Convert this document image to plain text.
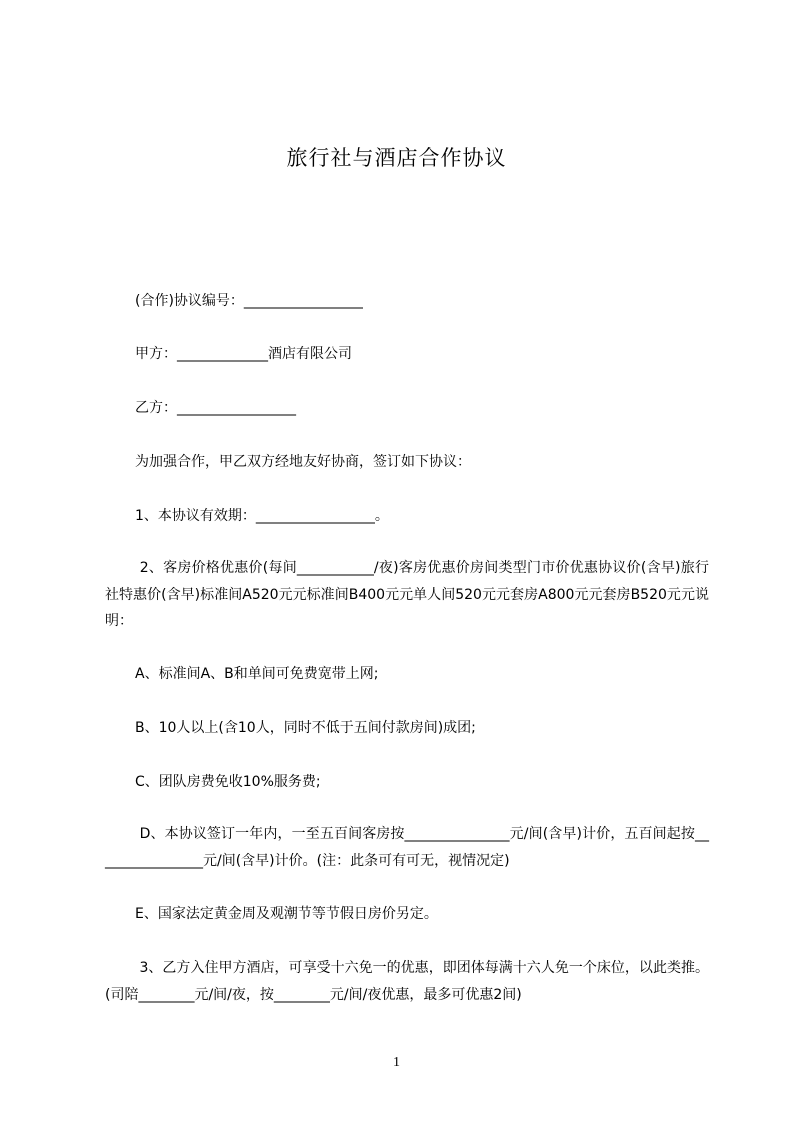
旅行社与酒店合作协议
(合作)协议编号：_________________
甲方：_____________酒店有限公司
乙方：_________________
为加强合作，甲乙双方经地友好协商，签订如下协议：
1、本协议有效期：_________________。
2、客房价格优惠价(每间___________/夜)客房优惠价房间类型门市价优惠协议价(含早)旅行社特惠价(含早)标准间A520元元标准间B400元元单人间520元元套房A800元元套房B520元元说明：
A、标准间A、B和单间可免费宽带上网;
B、10人以上(含10人，同时不低于五间付款房间)成团;
C、团队房费免收10%服务费;
D、本协议签订一年内，一至五百间客房按_______________元/间(含早)计价，五百间起按________________元/间(含早)计价。(注：此条可有可无，视情况定)
E、国家法定黄金周及观潮节等节假日房价另定。
3、乙方入住甲方酒店，可享受十六免一的优惠，即团体每满十六人免一个床位，以此类推。(司陪________元/间/夜，按________元/间/夜优惠，最多可优惠2间)
1
